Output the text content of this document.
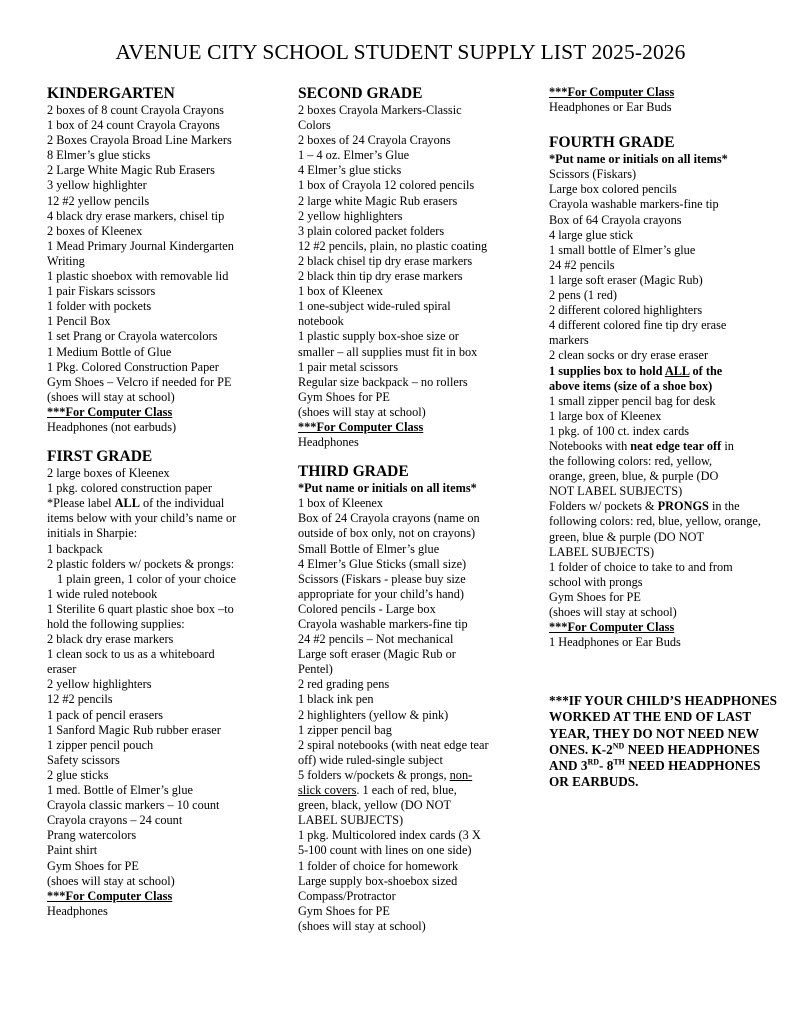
AVENUE CITY SCHOOL STUDENT SUPPLY LIST 2025-2026
KINDERGARTEN
2 boxes of 8 count Crayola Crayons
1 box of 24 count Crayola Crayons
2 Boxes Crayola Broad Line Markers
8 Elmer’s glue sticks
2 Large White Magic Rub Erasers
3 yellow highlighter
12 #2 yellow pencils
4 black dry erase markers, chisel tip
2 boxes of Kleenex
1 Mead Primary Journal Kindergarten
Writing
1 plastic shoebox with removable lid
1 pair Fiskars scissors
1 folder with pockets
1 Pencil Box
1 set Prang or Crayola watercolors
1 Medium Bottle of Glue
1 Pkg. Colored Construction Paper
Gym Shoes – Velcro if needed for PE
(shoes will stay at school)
***For Computer Class
Headphones (not earbuds)
FIRST GRADE
2 large boxes of Kleenex
1 pkg. colored construction paper
*Please label ALL of the individual
items below with your child’s name or
initials in Sharpie:
1 backpack
2 plastic folders w/ pockets & prongs:
1 plain green, 1 color of your choice
1 wide ruled notebook
1 Sterilite 6 quart plastic shoe box –to
hold the following supplies:
2 black dry erase markers
1 clean sock to us as a whiteboard
eraser
2 yellow highlighters
12 #2 pencils
1 pack of pencil erasers
1 Sanford Magic Rub rubber eraser
1 zipper pencil pouch
Safety scissors
2 glue sticks
1 med. Bottle of Elmer’s glue
Crayola classic markers – 10 count
Crayola crayons – 24 count
Prang watercolors
Paint shirt
Gym Shoes for PE
(shoes will stay at school)
***For Computer Class
Headphones
SECOND GRADE
2 boxes Crayola Markers-Classic
Colors
2 boxes of 24 Crayola Crayons
1 – 4 oz. Elmer’s Glue
4 Elmer’s glue sticks
1 box of Crayola 12 colored pencils
2 large white Magic Rub erasers
2 yellow highlighters
3 plain colored packet folders
12 #2 pencils, plain, no plastic coating
2 black chisel tip dry erase markers
2 black thin tip dry erase markers
1 box of Kleenex
1 one-subject wide-ruled spiral
notebook
1 plastic supply box-shoe size or
smaller – all supplies must fit in box
1 pair metal scissors
Regular size backpack – no rollers
Gym Shoes for PE
(shoes will stay at school)
***For Computer Class
Headphones
THIRD GRADE
*Put name or initials on all items*
1 box of Kleenex
Box of 24 Crayola crayons (name on
outside of box only, not on crayons)
Small Bottle of Elmer’s glue
4 Elmer’s Glue Sticks (small size)
Scissors (Fiskars - please buy size
appropriate for your child’s hand)
Colored pencils - Large box
Crayola washable markers-fine tip
24 #2 pencils – Not mechanical
Large soft eraser (Magic Rub or
Pentel)
2 red grading pens
1 black ink pen
2 highlighters (yellow & pink)
1 zipper pencil bag
2 spiral notebooks (with neat edge tear
off) wide ruled-single subject
5 folders w/pockets & prongs, non-
slick covers. 1 each of red, blue,
green, black, yellow (DO NOT
LABEL SUBJECTS)
1 pkg. Multicolored index cards (3 X
5-100 count with lines on one side)
1 folder of choice for homework
Large supply box-shoebox sized
Compass/Protractor
Gym Shoes for PE
(shoes will stay at school)
***For Computer Class
Headphones or Ear Buds
FOURTH GRADE
*Put name or initials on all items*
Scissors (Fiskars)
Large box colored pencils
Crayola washable markers-fine tip
Box of 64 Crayola crayons
4 large glue stick
1 small bottle of Elmer’s glue
24 #2 pencils
1 large soft eraser (Magic Rub)
2 pens (1 red)
2 different colored highlighters
4 different colored fine tip dry erase
markers
2 clean socks or dry erase eraser
1 supplies box to hold ALL of the
above items (size of a shoe box)
1 small zipper pencil bag for desk
1 large box of Kleenex
1 pkg. of 100 ct. index cards
Notebooks with neat edge tear off in
the following colors: red, yellow,
orange, green, blue, & purple (DO
NOT LABEL SUBJECTS)
Folders w/ pockets & PRONGS in the
following colors: red, blue, yellow, orange,
green, blue & purple (DO NOT
LABEL SUBJECTS)
1 folder of choice to take to and from
school with prongs
Gym Shoes for PE
(shoes will stay at school)
***For Computer Class
1 Headphones or Ear Buds
***IF YOUR CHILD’S HEADPHONES WORKED AT THE END OF LAST YEAR, THEY DO NOT NEED NEW ONES. K-2ND NEED HEADPHONES AND 3RD- 8TH NEED HEADPHONES OR EARBUDS.
